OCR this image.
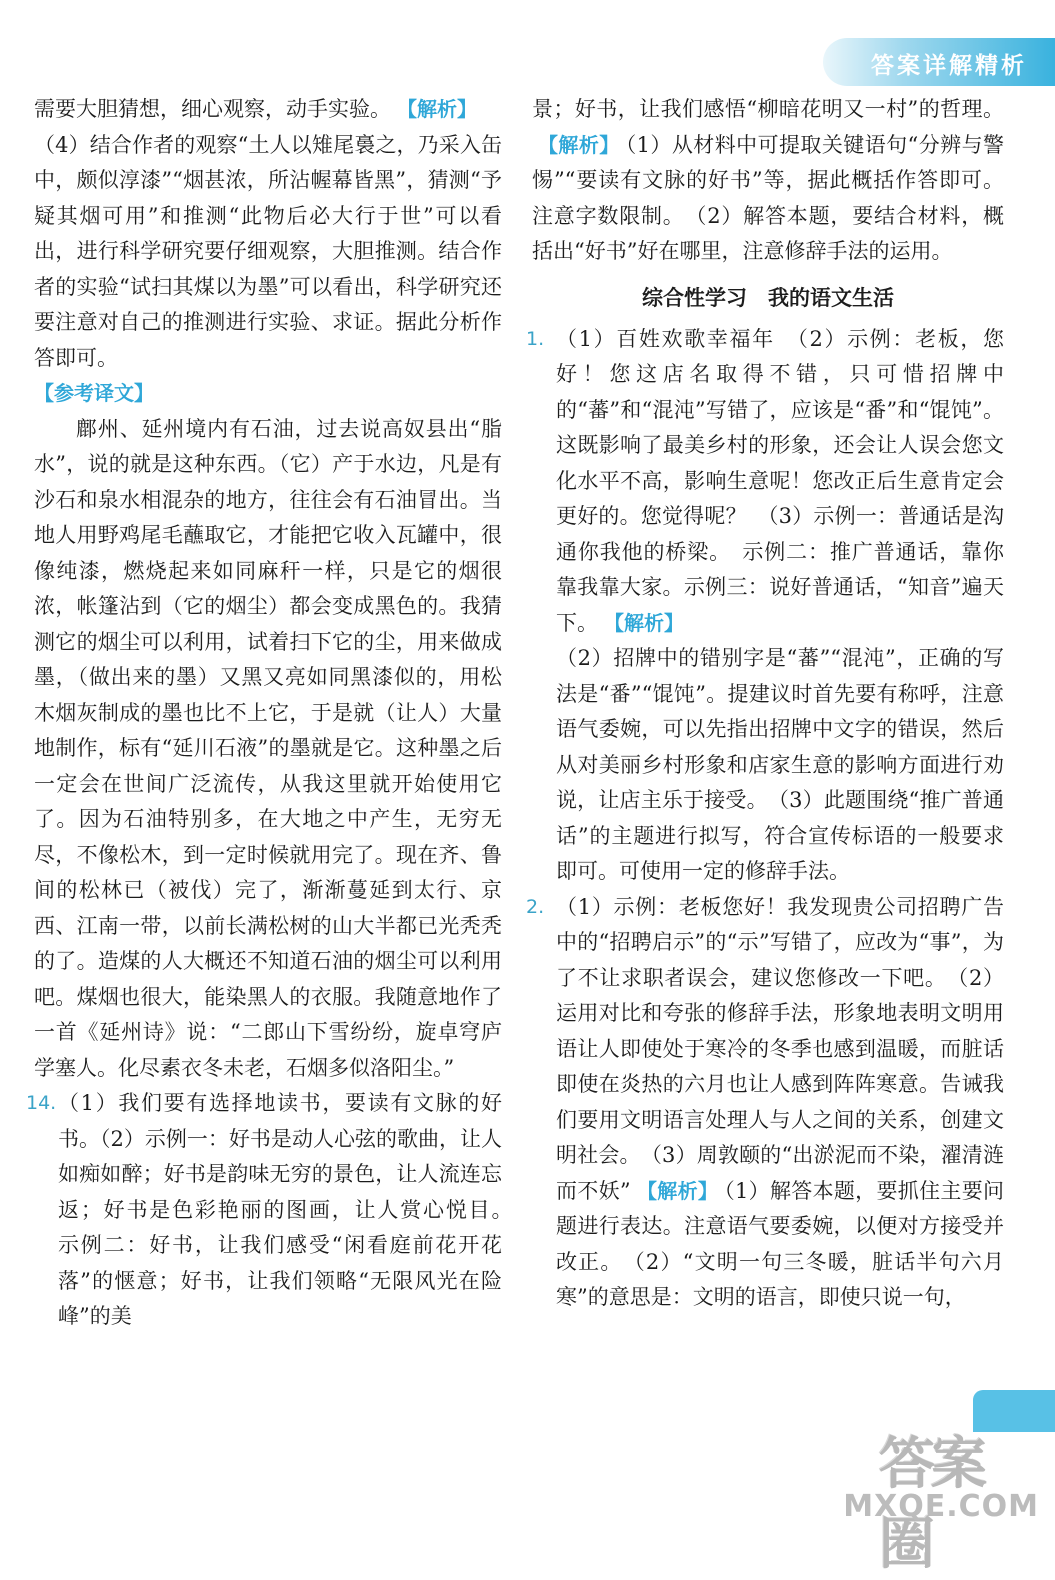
答案详解精析
需要大胆猜想，细心观察，动手实验。 【解析】
（4）结合作者的观察“土人以雉尾裛之，乃采入缶中，颇似淳漆”“烟甚浓，所沾幄幕皆黑”，猜测“予疑其烟可用”和推测“此物后必大行于世”可以看出，进行科学研究要仔细观察，大胆推测。结合作者的实验“试扫其煤以为墨”可以看出，科学研究还要注意对自己的推测进行实验、求证。据此分析作答即可。
【参考译文】
鄜州、延州境内有石油，过去说高奴县出“脂水”，说的就是这种东西。（它）产于水边，凡是有沙石和泉水相混杂的地方，往往会有石油冒出。当地人用野鸡尾毛蘸取它，才能把它收入瓦罐中，很像纯漆，燃烧起来如同麻秆一样，只是它的烟很浓，帐篷沾到（它的烟尘）都会变成黑色的。我猜测它的烟尘可以利用，试着扫下它的尘，用来做成墨，（做出来的墨）又黑又亮如同黑漆似的，用松木烟灰制成的墨也比不上它，于是就（让人）大量地制作，标有“延川石液”的墨就是它。这种墨之后一定会在世间广泛流传，从我这里就开始使用它了。因为石油特别多，在大地之中产生，无穷无尽，不像松木，到一定时候就用完了。现在齐、鲁间的松林已（被伐）完了，渐渐蔓延到太行、京西、江南一带，以前长满松树的山大半都已光秃秃的了。造煤的人大概还不知道石油的烟尘可以利用吧。煤烟也很大，能染黑人的衣服。我随意地作了一首《延州诗》说：“二郎山下雪纷纷，旋卓穹庐学塞人。化尽素衣冬未老，石烟多似洛阳尘。”
14. （1）我们要有选择地读书，要读有文脉的好书。（2）示例一：好书是动人心弦的歌曲，让人如痴如醉；好书是韵味无穷的景色，让人流连忘返；好书是色彩艳丽的图画，让人赏心悦目。　示例二：好书，让我们感受“闲看庭前花开花落”的惬意；好书，让我们领略“无限风光在险峰”的美
景；好书，让我们感悟“柳暗花明又一村”的哲理。【解析】 （1）从材料中可提取关键语句“分辨与警惕”“要读有文脉的好书”等，据此概括作答即可。注意字数限制。　（2）解答本题，要结合材料，概括出“好书”好在哪里，注意修辞手法的运用。
综合性学习　我的语文生活
1. （1）百姓欢歌幸福年　（2）示例：老板，您好！您这店名取得不错，只可惜招牌中的“蕃”和“混沌”写错了，应该是“番”和“馄饨”。这既影响了最美乡村的形象，还会让人误会您文化水平不高，影响生意呢！您改正后生意肯定会更好的。您觉得呢？　（3）示例一：普通话是沟通你我他的桥梁。　示例二：推广普通话，靠你靠我靠大家。示例三：说好普通话，“知音”遍天下。 【解析】
（2）招牌中的错别字是“蕃”“混沌”，正确的写法是“番”“馄饨”。提建议时首先要有称呼，注意语气委婉，可以先指出招牌中文字的错误，然后从对美丽乡村形象和店家生意的影响方面进行劝说，让店主乐于接受。　（3）此题围绕“推广普通话”的主题进行拟写，符合宣传标语的一般要求即可。可使用一定的修辞手法。
2. （1）示例：老板您好！我发现贵公司招聘广告中的“招聘启示”的“示”写错了，应改为“事”，为了不让求职者误会，建议您修改一下吧。　（2）运用对比和夸张的修辞手法，形象地表明文明用语让人即使处于寒冷的冬季也感到温暖，而脏话即使在炎热的六月也让人感到阵阵寒意。告诫我们要用文明语言处理人与人之间的关系，创建文明社会。　（3）周敦颐的“出淤泥而不染，濯清涟而不妖” 【解析】 （1）解答本题，要抓住主要问题进行表达。注意语气要委婉，以便对方接受并改正。　（2）“文明一句三冬暖，脏话半句六月寒”的意思是：文明的语言，即使只说一句，
答案圈
MXQE.COM
